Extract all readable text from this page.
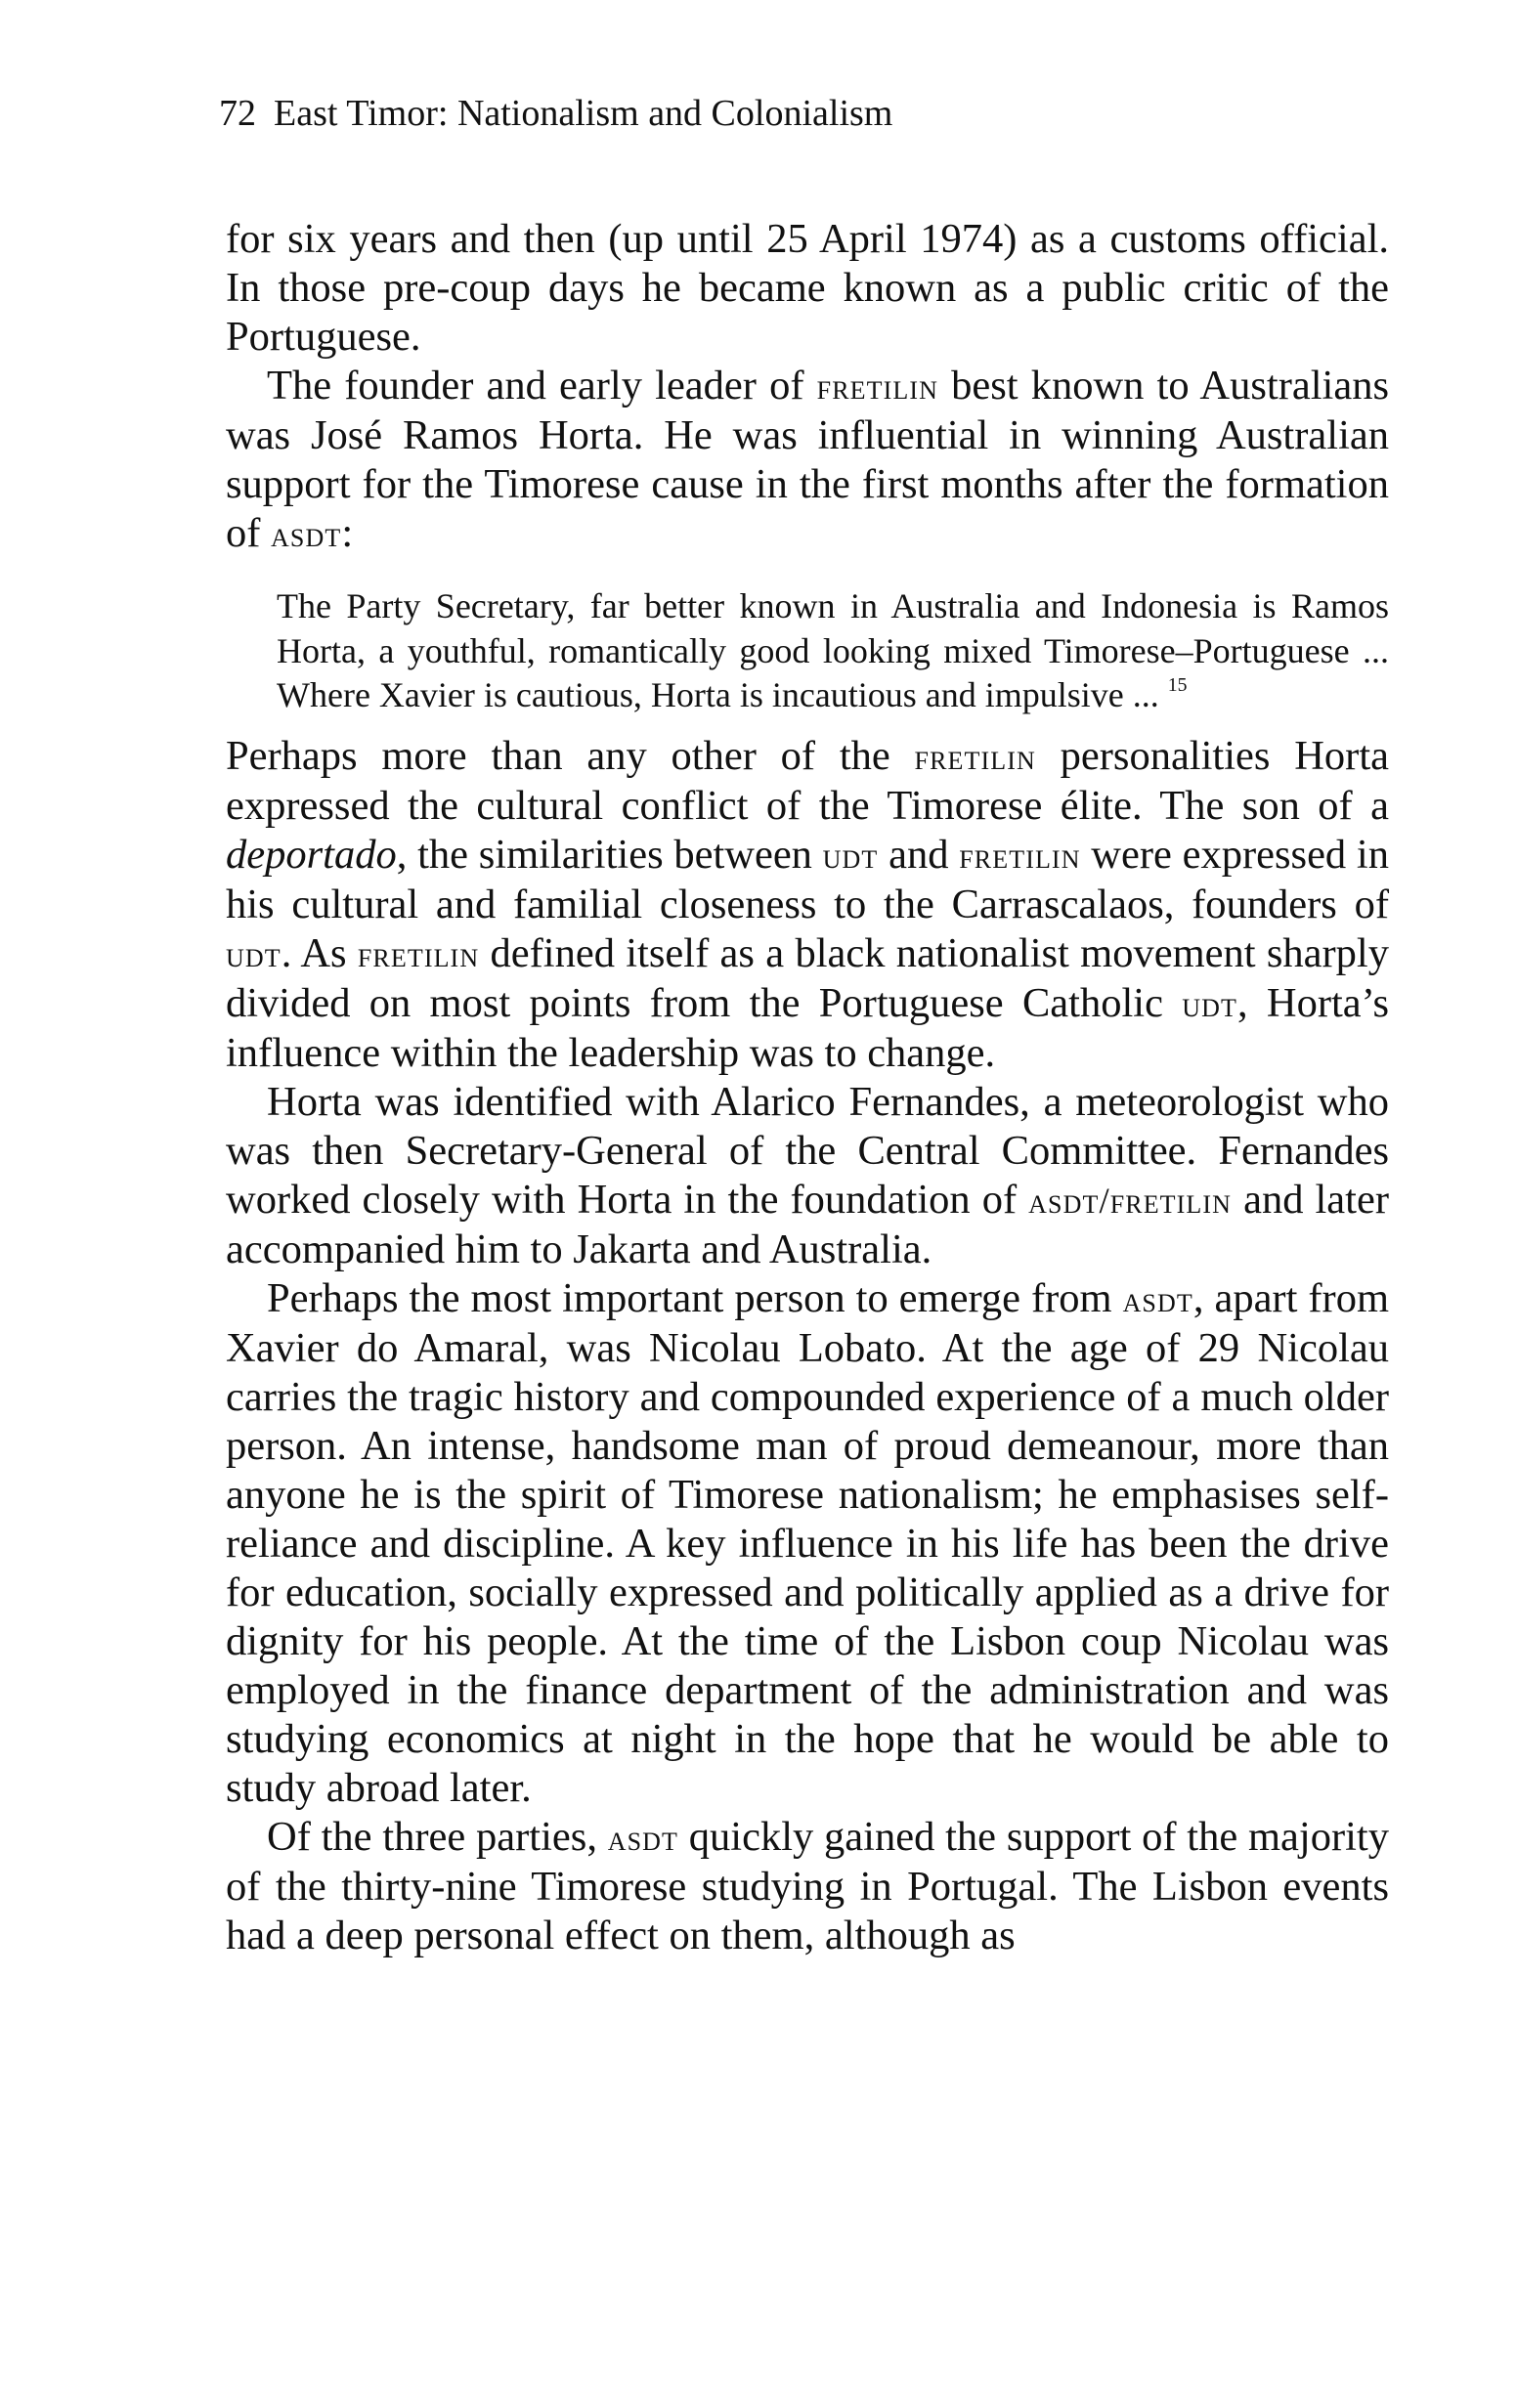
72 East Timor: Nationalism and Colonialism

for six years and then (up until 25 April 1974) as a customs official. In those pre-coup days he became known as a public critic of the Portuguese.

The founder and early leader of fretilin best known to Australians was José Ramos Horta. He was influential in winning Australian support for the Timorese cause in the first months after the formation of asdt:

The Party Secretary, far better known in Australia and Indonesia is Ramos Horta, a youthful, romantically good looking mixed Timorese–Portuguese ... Where Xavier is cautious, Horta is incautious and impulsive ... $^{15}$

Perhaps more than any other of the fretilin personalities Horta expressed the cultural conflict of the Timorese élite. The son of a deportado, the similarities between udt and fretilin were expressed in his cultural and familial closeness to the Carrascalaos, founders of udt. As fretilin defined itself as a black nationalist movement sharply divided on most points from the Portuguese Catholic udt, Horta’s influence within the leadership was to change.

Horta was identified with Alarico Fernandes, a meteorologist who was then Secretary-General of the Central Committee. Fernandes worked closely with Horta in the foundation of asdt/fretilin and later accompanied him to Jakarta and Australia.

Perhaps the most important person to emerge from asdt, apart from Xavier do Amaral, was Nicolau Lobato. At the age of 29 Nicolau carries the tragic history and compounded experience of a much older person. An intense, handsome man of proud demeanour, more than anyone he is the spirit of Timorese nationalism; he emphasises self-reliance and discipline. A key influence in his life has been the drive for education, socially expressed and politically applied as a drive for dignity for his people. At the time of the Lisbon coup Nicolau was employed in the finance department of the administration and was studying economics at night in the hope that he would be able to study abroad later.

Of the three parties, asdt quickly gained the support of the majority of the thirty-nine Timorese studying in Portugal. The Lisbon events had a deep personal effect on them, although as
